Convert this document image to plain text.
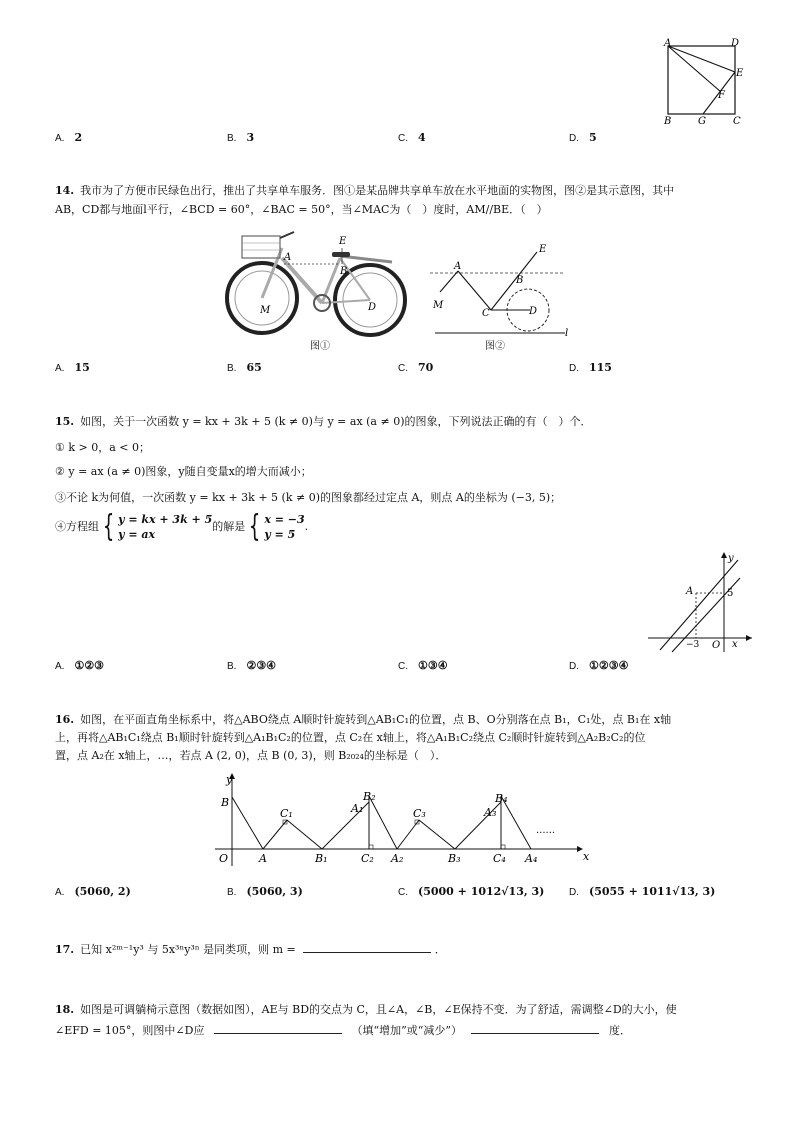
A	D
E
F
B	G	C
A. 2	B. 3	C. 4	D. 5
14. 我市为了方便市民绿色出行，推出了共享单车服务．图①是某品牌共享单车放在水平地面的实物图，图②是其示意图，其中
AB，CD都与地面l平行，∠BCD = 60°，∠BAC = 50°，当∠MAC为（　）度时，AM//BE．（　）
E
A
B
M	D
图①
E
A
B
M
C	D
l
图②
A. 15	B. 65	C. 70	D. 115
15. 如图，关于一次函数 y = kx + 3k + 5 (k ≠ 0)与 y = ax (a ≠ 0)的图象，下列说法正确的有（　）个．
① k > 0，a < 0；
② y = ax (a ≠ 0)图象，y随自变量x的增大而减小；
③不论 k为何值，一次函数 y = kx + 3k + 5 (k ≠ 0)的图象都经过定点 A，则点 A的坐标为 (−3, 5)；
④方程组 { y = kx + 3k + 5
y = ax
的解是 { x = −3
y = 5
.
y
A	5
−3 O x
A. ①②③	B. ②③④	C. ①③④	D. ①②③④
16. 如图，在平面直角坐标系中，将△ABO绕点 A顺时针旋转到△AB₁C₁的位置，点 B、O分别落在点 B₁，C₁处，点 B₁在 x轴
上，再将△AB₁C₁绕点 B₁顺时针旋转到△A₁B₁C₂的位置，点 C₂在 x轴上，将△A₁B₁C₂绕点 C₂顺时针旋转到△A₂B₂C₂的位
置，点 A₂在 x轴上，…，若点 A (2, 0)，点 B (0, 3)，则 B₂₀₂₄的坐标是（　）．
y
x
O
B
A
C₁
B₁
A₁
B₂
C₂ A₂
C₃
B₃
A₃
B₄
C₄ A₄
......
A. (5060, 2)	B. (5060, 3)	C. (5000 + 1012√13, 3) D. (5055 + 1011√13, 3)
17. 已知 x²ᵐ⁻¹y³ 与 5x³ⁿy³ⁿ 是同类项，则 m =	．
18. 如图是可调躺椅示意图（数据如图），AE与 BD的交点为 C，且∠A，∠B，∠E保持不变．为了舒适，需调整∠D的大小，使
∠EFD = 105°，则图中∠D应	（填“增加”或“减少”）	度．
